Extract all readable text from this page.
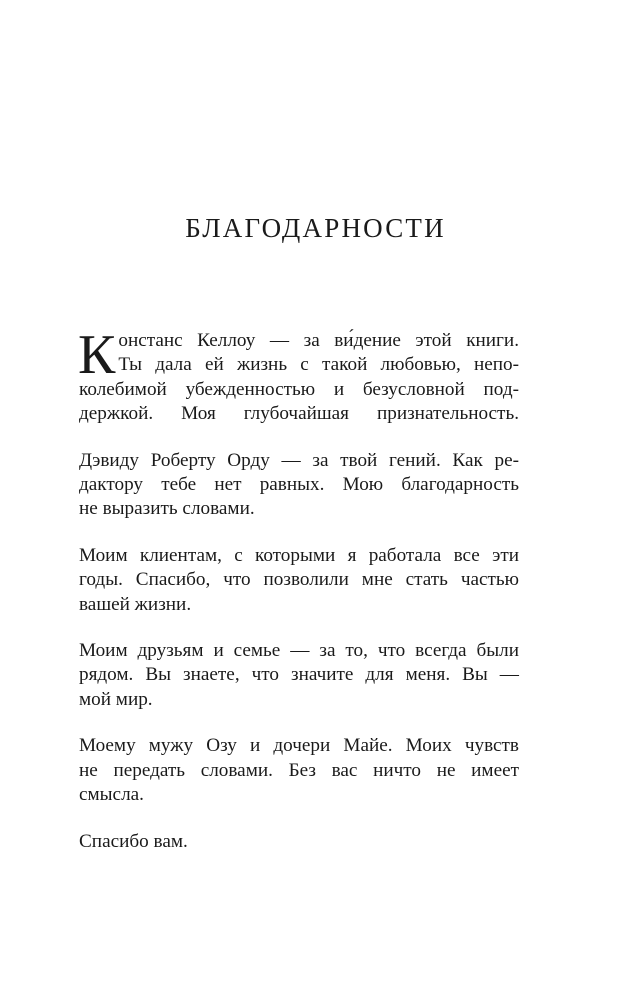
БЛАГОДАРНОСТИ

К онстанс Келлоу — за ви́дение этой книги.
Ты дала ей жизнь с такой любовью, непо-
колебимой убежденностью и безусловной под-
держкой. Моя глубочайшая признательность.

Дэвиду Роберту Орду — за твой гений. Как ре-
дактору тебе нет равных. Мою благодарность
не выразить словами.

Моим клиентам, с которыми я работала все эти
годы. Спасибо, что позволили мне стать частью
вашей жизни.

Моим друзьям и семье — за то, что всегда были
рядом. Вы знаете, что значите для меня. Вы —
мой мир.

Моему мужу Озу и дочери Майе. Моих чувств
не передать словами. Без вас ничто не имеет
смысла.

Спасибо вам.
